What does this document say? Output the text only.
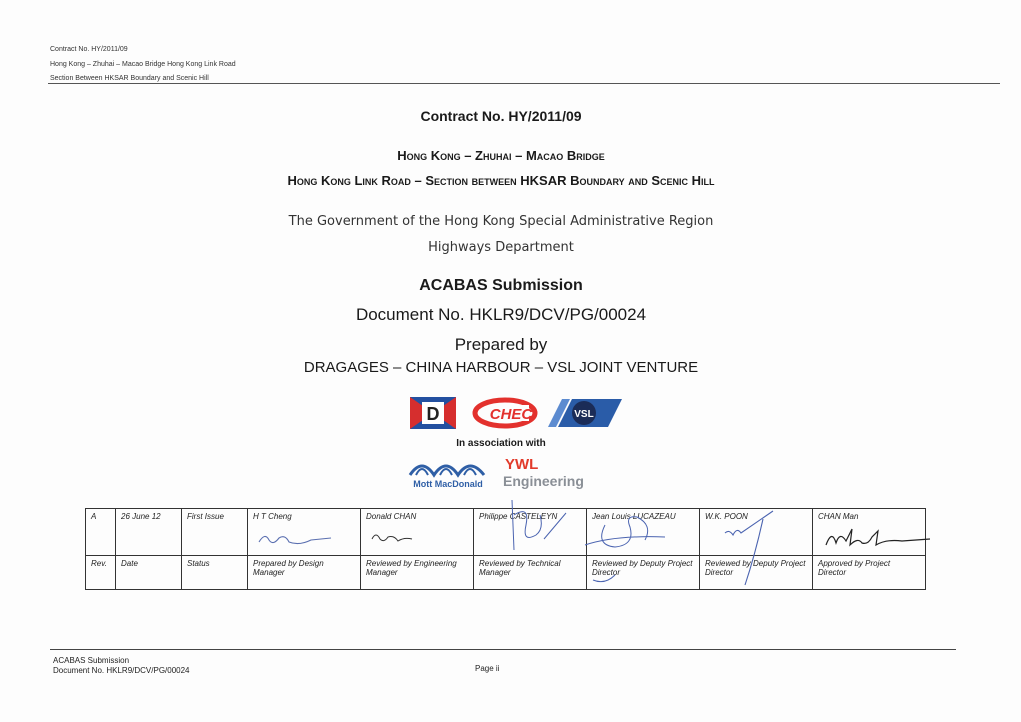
Contract No. HY/2011/09
Hong Kong – Zhuhai – Macao Bridge Hong Kong Link Road
Section Between HKSAR Boundary and Scenic Hill
Contract No. HY/2011/09
Hong Kong – Zhuhai – Macao Bridge
Hong Kong Link Road – Section between HKSAR Boundary and Scenic Hill
The Government of the Hong Kong Special Administrative Region
Highways Department
ACABAS Submission
Document No. HKLR9/DCV/PG/00024
Prepared by
DRAGAGES – CHINA HARBOUR – VSL JOINT VENTURE
D	CHEC	VSL
In association with
Mott MacDonald
YWL
Engineering
A	26 June 12	First Issue	H T Cheng	Donald CHAN	Philippe CASTELEYN	Jean Louis LUCAZEAU	W.K. POON	CHAN Man
Rev.	Date	Status	Prepared by Design Manager	Reviewed by Engineering Manager	Reviewed by Technical Manager	Reviewed by Deputy Project Director	Reviewed by Deputy Project Director	Approved by Project Director
ACABAS Submission
Document No. HKLR9/DCV/PG/00024	Page ii
